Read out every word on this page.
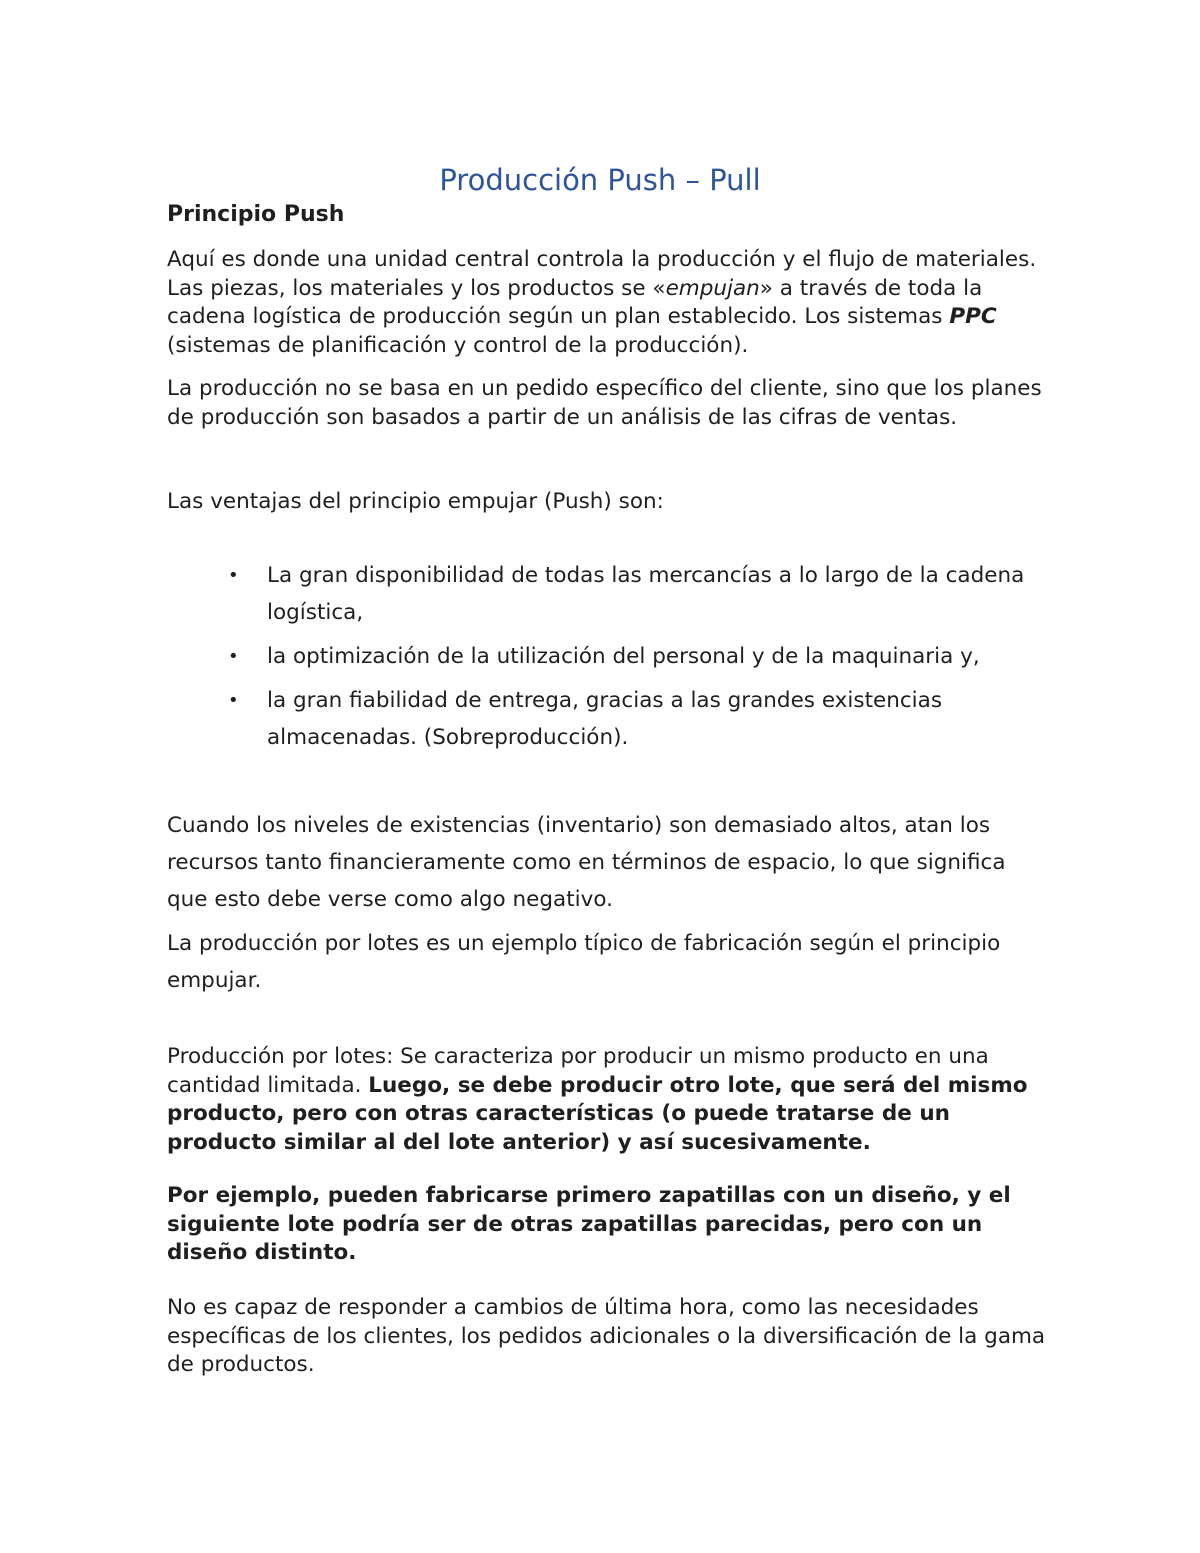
Producción Push – Pull
Principio Push
Aquí es donde una unidad central controla la producción y el flujo de materiales. Las piezas, los materiales y los productos se «empujan» a través de toda la cadena logística de producción según un plan establecido. Los sistemas PPC (sistemas de planificación y control de la producción).
La producción no se basa en un pedido específico del cliente, sino que los planes de producción son basados a partir de un análisis de las cifras de ventas.
Las ventajas del principio empujar (Push) son:
• La gran disponibilidad de todas las mercancías a lo largo de la cadena logística,
• la optimización de la utilización del personal y de la maquinaria y,
• la gran fiabilidad de entrega, gracias a las grandes existencias almacenadas. (Sobreproducción).
Cuando los niveles de existencias (inventario) son demasiado altos, atan los recursos tanto financieramente como en términos de espacio, lo que significa que esto debe verse como algo negativo.
La producción por lotes es un ejemplo típico de fabricación según el principio empujar.
Producción por lotes: Se caracteriza por producir un mismo producto en una cantidad limitada. Luego, se debe producir otro lote, que será del mismo producto, pero con otras características (o puede tratarse de un producto similar al del lote anterior) y así sucesivamente.
Por ejemplo, pueden fabricarse primero zapatillas con un diseño, y el siguiente lote podría ser de otras zapatillas parecidas, pero con un diseño distinto.
No es capaz de responder a cambios de última hora, como las necesidades específicas de los clientes, los pedidos adicionales o la diversificación de la gama de productos.
